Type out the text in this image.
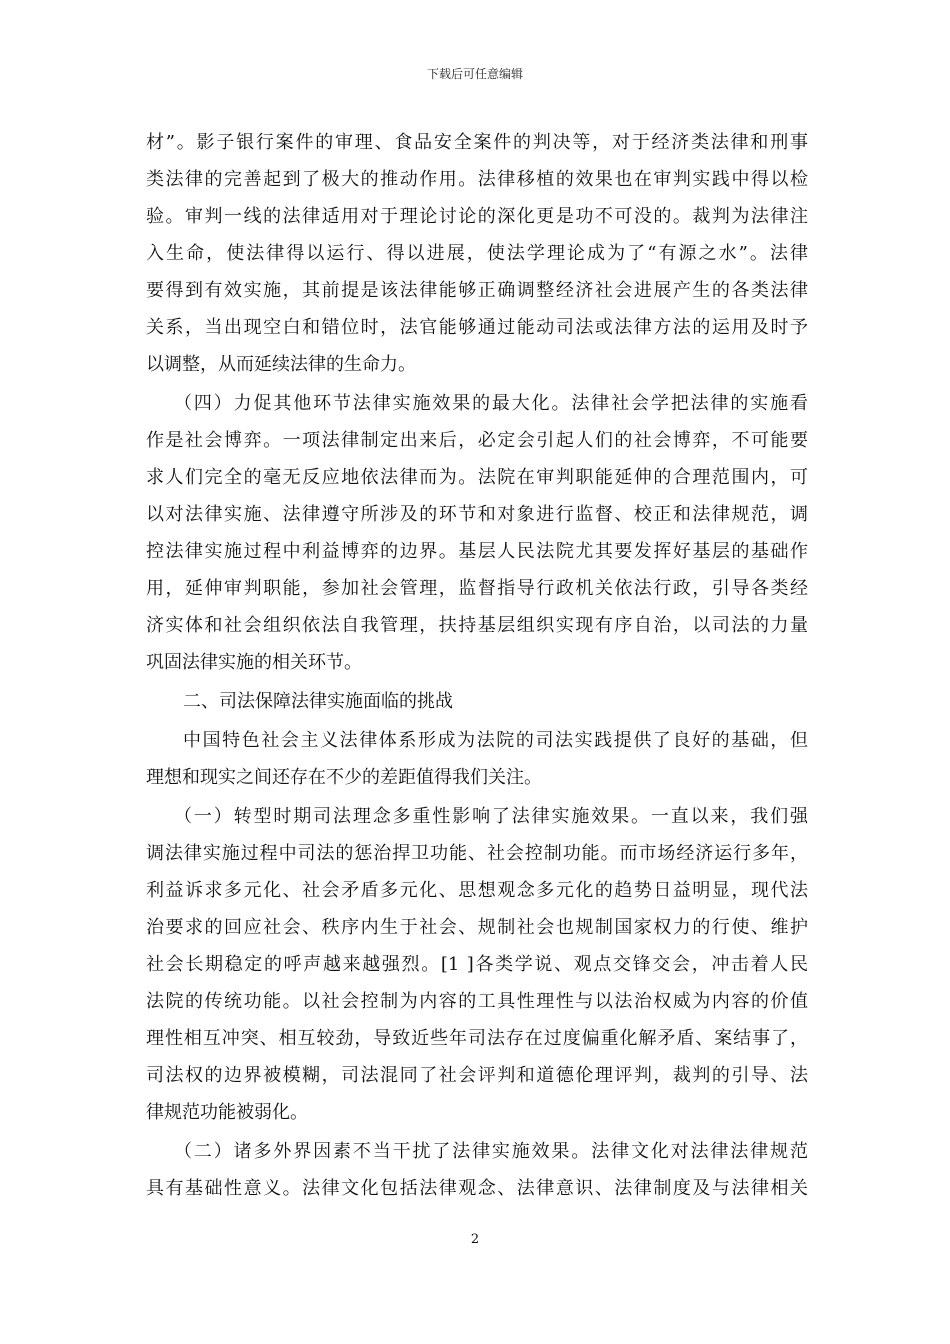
下载后可任意编辑
材”。影子银行案件的审理、食品安全案件的判决等，对于经济类法律和刑事
类法律的完善起到了极大的推动作用。法律移植的效果也在审判实践中得以检
验。审判一线的法律适用对于理论讨论的深化更是功不可没的。裁判为法律注
入生命，使法律得以运行、得以进展，使法学理论成为了“有源之水”。法律
要得到有效实施，其前提是该法律能够正确调整经济社会进展产生的各类法律
关系，当出现空白和错位时，法官能够通过能动司法或法律方法的运用及时予
以调整，从而延续法律的生命力。
（四）力促其他环节法律实施效果的最大化。法律社会学把法律的实施看
作是社会博弈。一项法律制定出来后，必定会引起人们的社会博弈，不可能要
求人们完全的毫无反应地依法律而为。法院在审判职能延伸的合理范围内，可
以对法律实施、法律遵守所涉及的环节和对象进行监督、校正和法律规范，调
控法律实施过程中利益博弈的边界。基层人民法院尤其要发挥好基层的基础作
用，延伸审判职能，参加社会管理，监督指导行政机关依法行政，引导各类经
济实体和社会组织依法自我管理，扶持基层组织实现有序自治，以司法的力量
巩固法律实施的相关环节。
二、司法保障法律实施面临的挑战
中国特色社会主义法律体系形成为法院的司法实践提供了良好的基础，但
理想和现实之间还存在不少的差距值得我们关注。
（一）转型时期司法理念多重性影响了法律实施效果。一直以来，我们强
调法律实施过程中司法的惩治捍卫功能、社会控制功能。而市场经济运行多年，
利益诉求多元化、社会矛盾多元化、思想观念多元化的趋势日益明显，现代法
治要求的回应社会、秩序内生于社会、规制社会也规制国家权力的行使、维护
社会长期稳定的呼声越来越强烈。[1 ]各类学说、观点交锋交会，冲击着人民
法院的传统功能。以社会控制为内容的工具性理性与以法治权威为内容的价值
理性相互冲突、相互较劲，导致近些年司法存在过度偏重化解矛盾、案结事了，
司法权的边界被模糊，司法混同了社会评判和道德伦理评判，裁判的引导、法
律规范功能被弱化。
（二）诸多外界因素不当干扰了法律实施效果。法律文化对法律法律规范
具有基础性意义。法律文化包括法律观念、法律意识、法律制度及与法律相关
2
